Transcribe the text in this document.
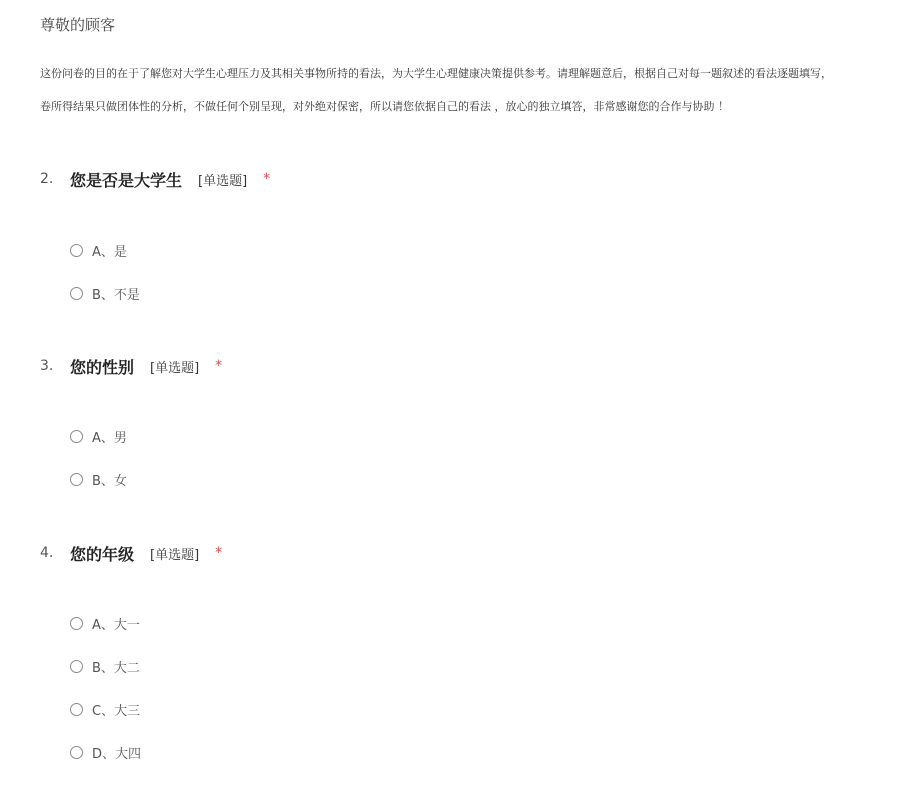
尊敬的顾客

这份问卷的目的在于了解您对大学生心理压力及其相关事物所持的看法，为大学生心理健康决策提供参考。请理解题意后，根据自己对每一题叙述的看法逐题填写，

卷所得结果只做团体性的分析，不做任何个别呈现，对外绝对保密，所以请您依据自己的看法 ，放心的独立填答，非常感谢您的合作与协助 ！

2.	您是否是大学生 [单选题] *
A、是
B、不是
3.	您的性别 [单选题] *
A、男
B、女
4.	您的年级 [单选题] *
A、大一
B、大二
C、大三
D、大四
